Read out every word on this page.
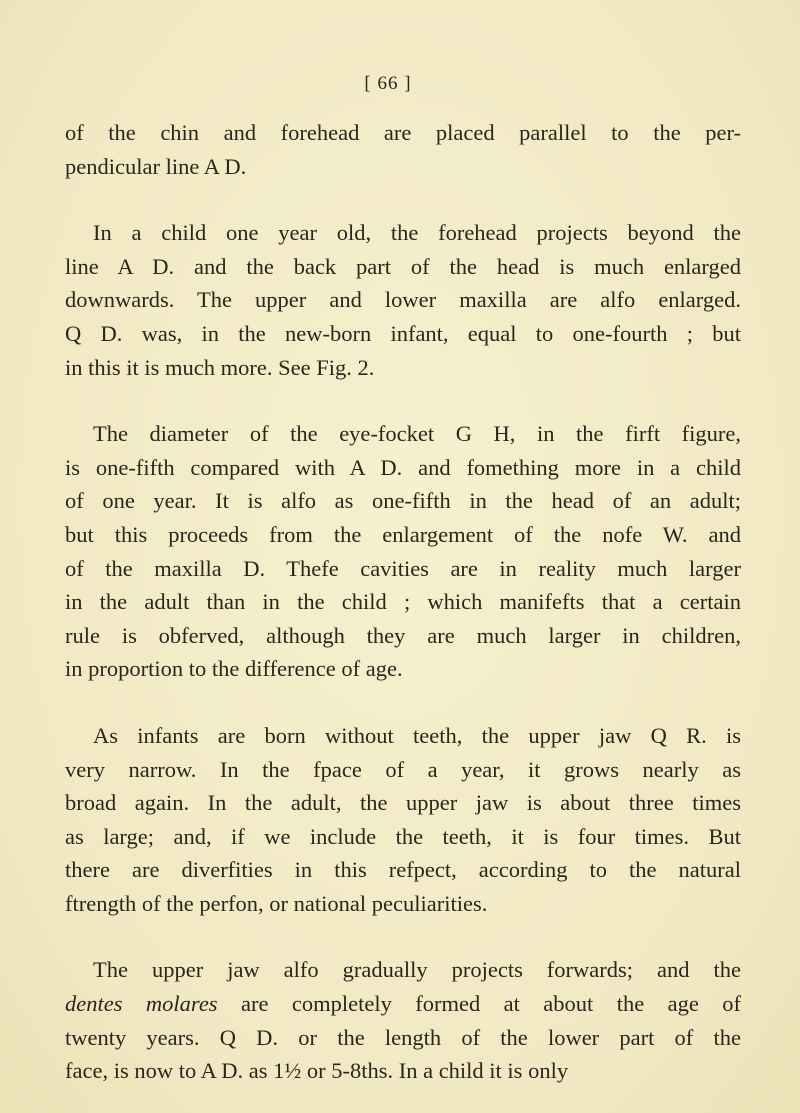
[ 66 ]

of the chin and forehead are placed parallel to the per-
pendicular line A D.

In a child one year old, the forehead projects beyond the
line A D. and the back part of the head is much enlarged
downwards. The upper and lower maxilla are alfo enlarged.
Q D. was, in the new-born infant, equal to one-fourth ; but
in this it is much more. See Fig. 2.

The diameter of the eye-focket G H, in the firft figure,
is one-fifth compared with A D. and fomething more in a child
of one year. It is alfo as one-fifth in the head of an adult;
but this proceeds from the enlargement of the nofe W. and
of the maxilla D. Thefe cavities are in reality much larger
in the adult than in the child ; which manifefts that a certain
rule is obferved, although they are much larger in children,
in proportion to the difference of age.

As infants are born without teeth, the upper jaw Q R. is
very narrow. In the fpace of a year, it grows nearly as
broad again. In the adult, the upper jaw is about three times
as large; and, if we include the teeth, it is four times. But
there are diverfities in this refpect, according to the natural
ftrength of the perfon, or national peculiarities.

The upper jaw alfo gradually projects forwards; and the
dentes molares are completely formed at about the age of
twenty years. Q D. or the length of the lower part of the
face, is now to A D. as 1½ or 5-8ths. In a child it is only
